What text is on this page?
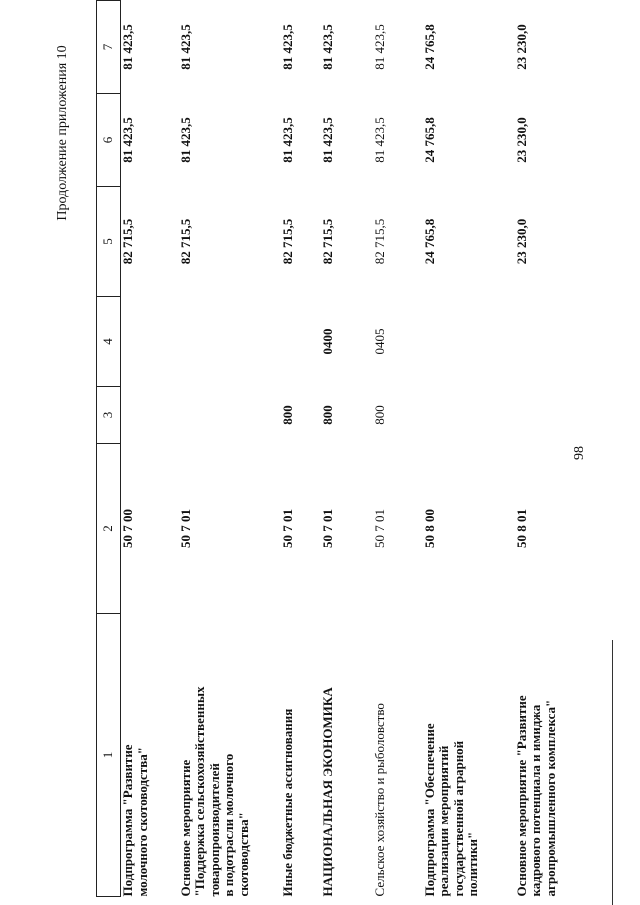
98
Продолжение приложения 10
1	2	3	4	5	6	7

Подпрограмма "Развитие молочного скотоводства"	50 7 00			82 715,5	81 423,5	81 423,5

Основное мероприятие "Поддержка сельскохозяйственных товаропроизводителей в подотрасли молочного скотоводства"	50 7 01			82 715,5	81 423,5	81 423,5

Иные бюджетные ассигнования	50 7 01	800		82 715,5	81 423,5	81 423,5

НАЦИОНАЛЬНАЯ ЭКОНОМИКА	50 7 01	800	0400	82 715,5	81 423,5	81 423,5

Сельское хозяйство и рыболовство	50 7 01	800	0405	82 715,5	81 423,5	81 423,5

Подпрограмма "Обеспечение реализации мероприятий государственной аграрной политики"	50 8 00			24 765,8	24 765,8	24 765,8

Основное мероприятие "Развитие кадрового потенциала и имиджа агропромышленного комплекса"	50 8 01			23 230,0	23 230,0	23 230,0
